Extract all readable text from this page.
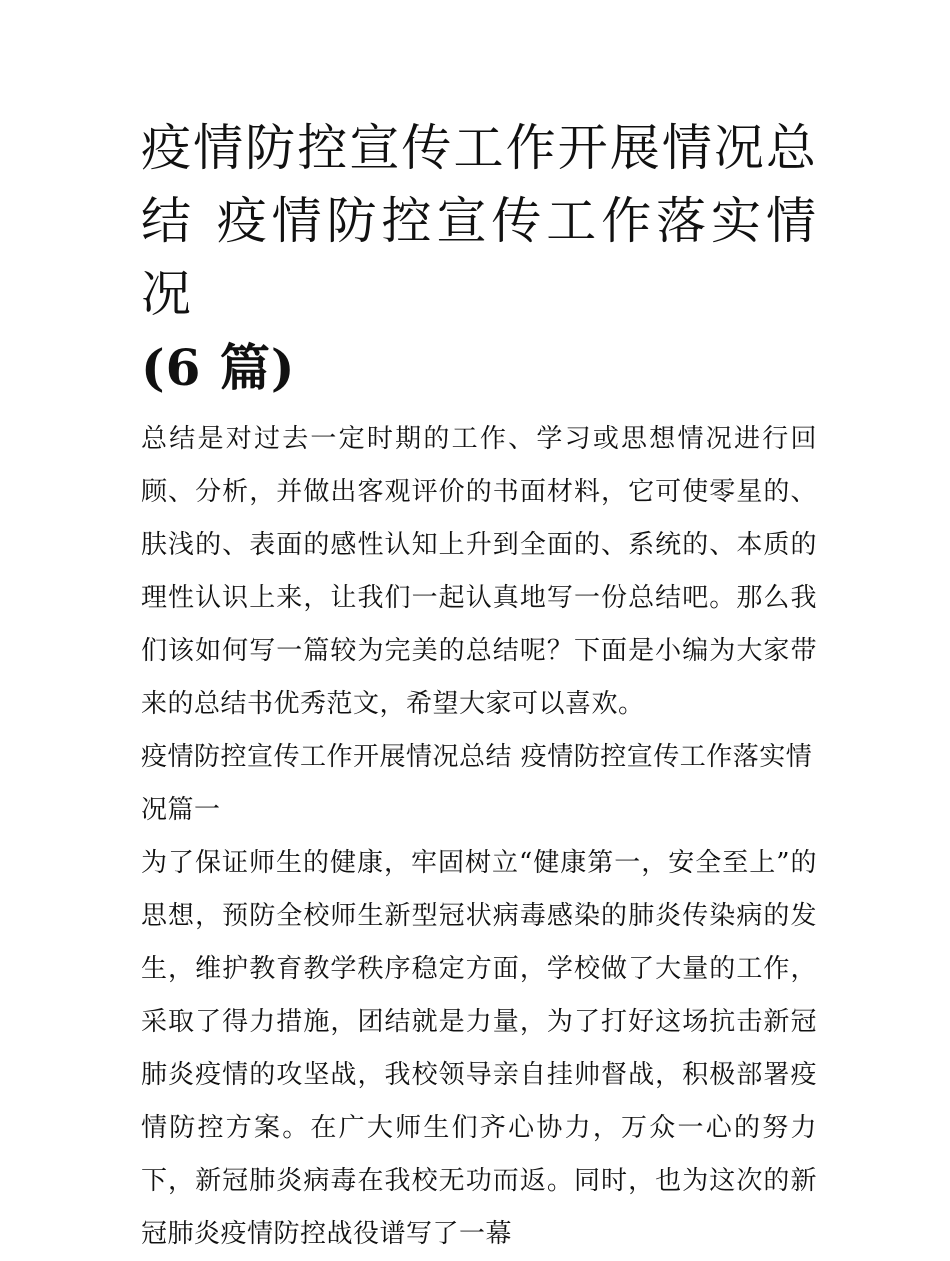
疫情防控宣传工作开展情况总结 疫情防控宣传工作落实情况
(6 篇)

总结是对过去一定时期的工作、学习或思想情况进行回顾、分析，并做出客观评价的书面材料，它可使零星的、肤浅的、表面的感性认知上升到全面的、系统的、本质的理性认识上来，让我们一起认真地写一份总结吧。那么我们该如何写一篇较为完美的总结呢？下面是小编为大家带来的总结书优秀范文，希望大家可以喜欢。

疫情防控宣传工作开展情况总结 疫情防控宣传工作落实情况篇一

为了保证师生的健康，牢固树立“健康第一，安全至上”的思想，预防全校师生新型冠状病毒感染的肺炎传染病的发生，维护教育教学秩序稳定方面，学校做了大量的工作，采取了得力措施，团结就是力量，为了打好这场抗击新冠肺炎疫情的攻坚战，我校领导亲自挂帅督战，积极部署疫情防控方案。在广大师生们齐心协力，万众一心的努力下，新冠肺炎病毒在我校无功而返。同时，也为这次的新冠肺炎疫情防控战役谱写了一幕
